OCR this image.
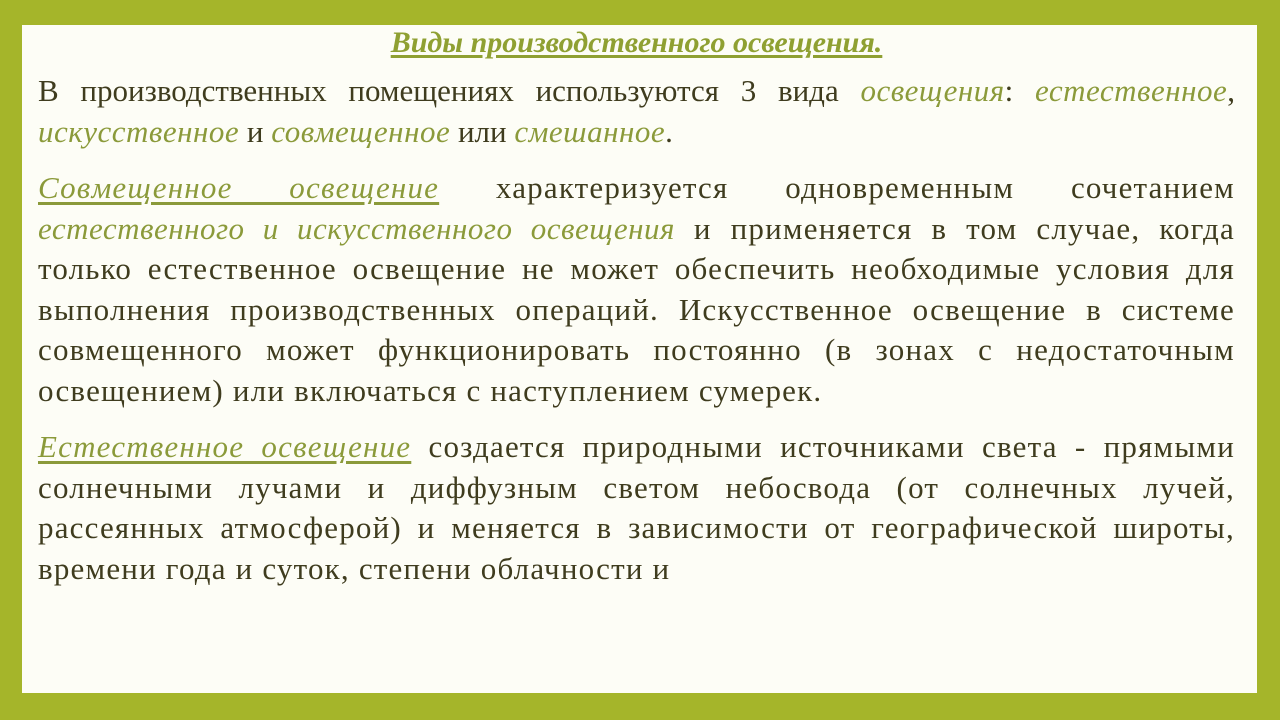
Виды производственного освещения.

В производственных помещениях используются 3 вида освещения: естественное, искусственное и совмещенное или смешанное.

Совмещенное освещение характеризуется одновременным сочетанием естественного и искусственного освещения и применяется в том случае, когда только естественное освещение не может обеспечить необходимые условия для выполнения производственных операций. Искусственное освещение в системе совмещенного может функционировать постоянно (в зонах с недостаточным освещением) или включаться с наступлением сумерек.

Естественное освещение создается природными источниками света - прямыми солнечными лучами и диффузным светом небосвода (от солнечных лучей, рассеянных атмосферой) и меняется в зависимости от географической широты, времени года и суток, степени облачности и
